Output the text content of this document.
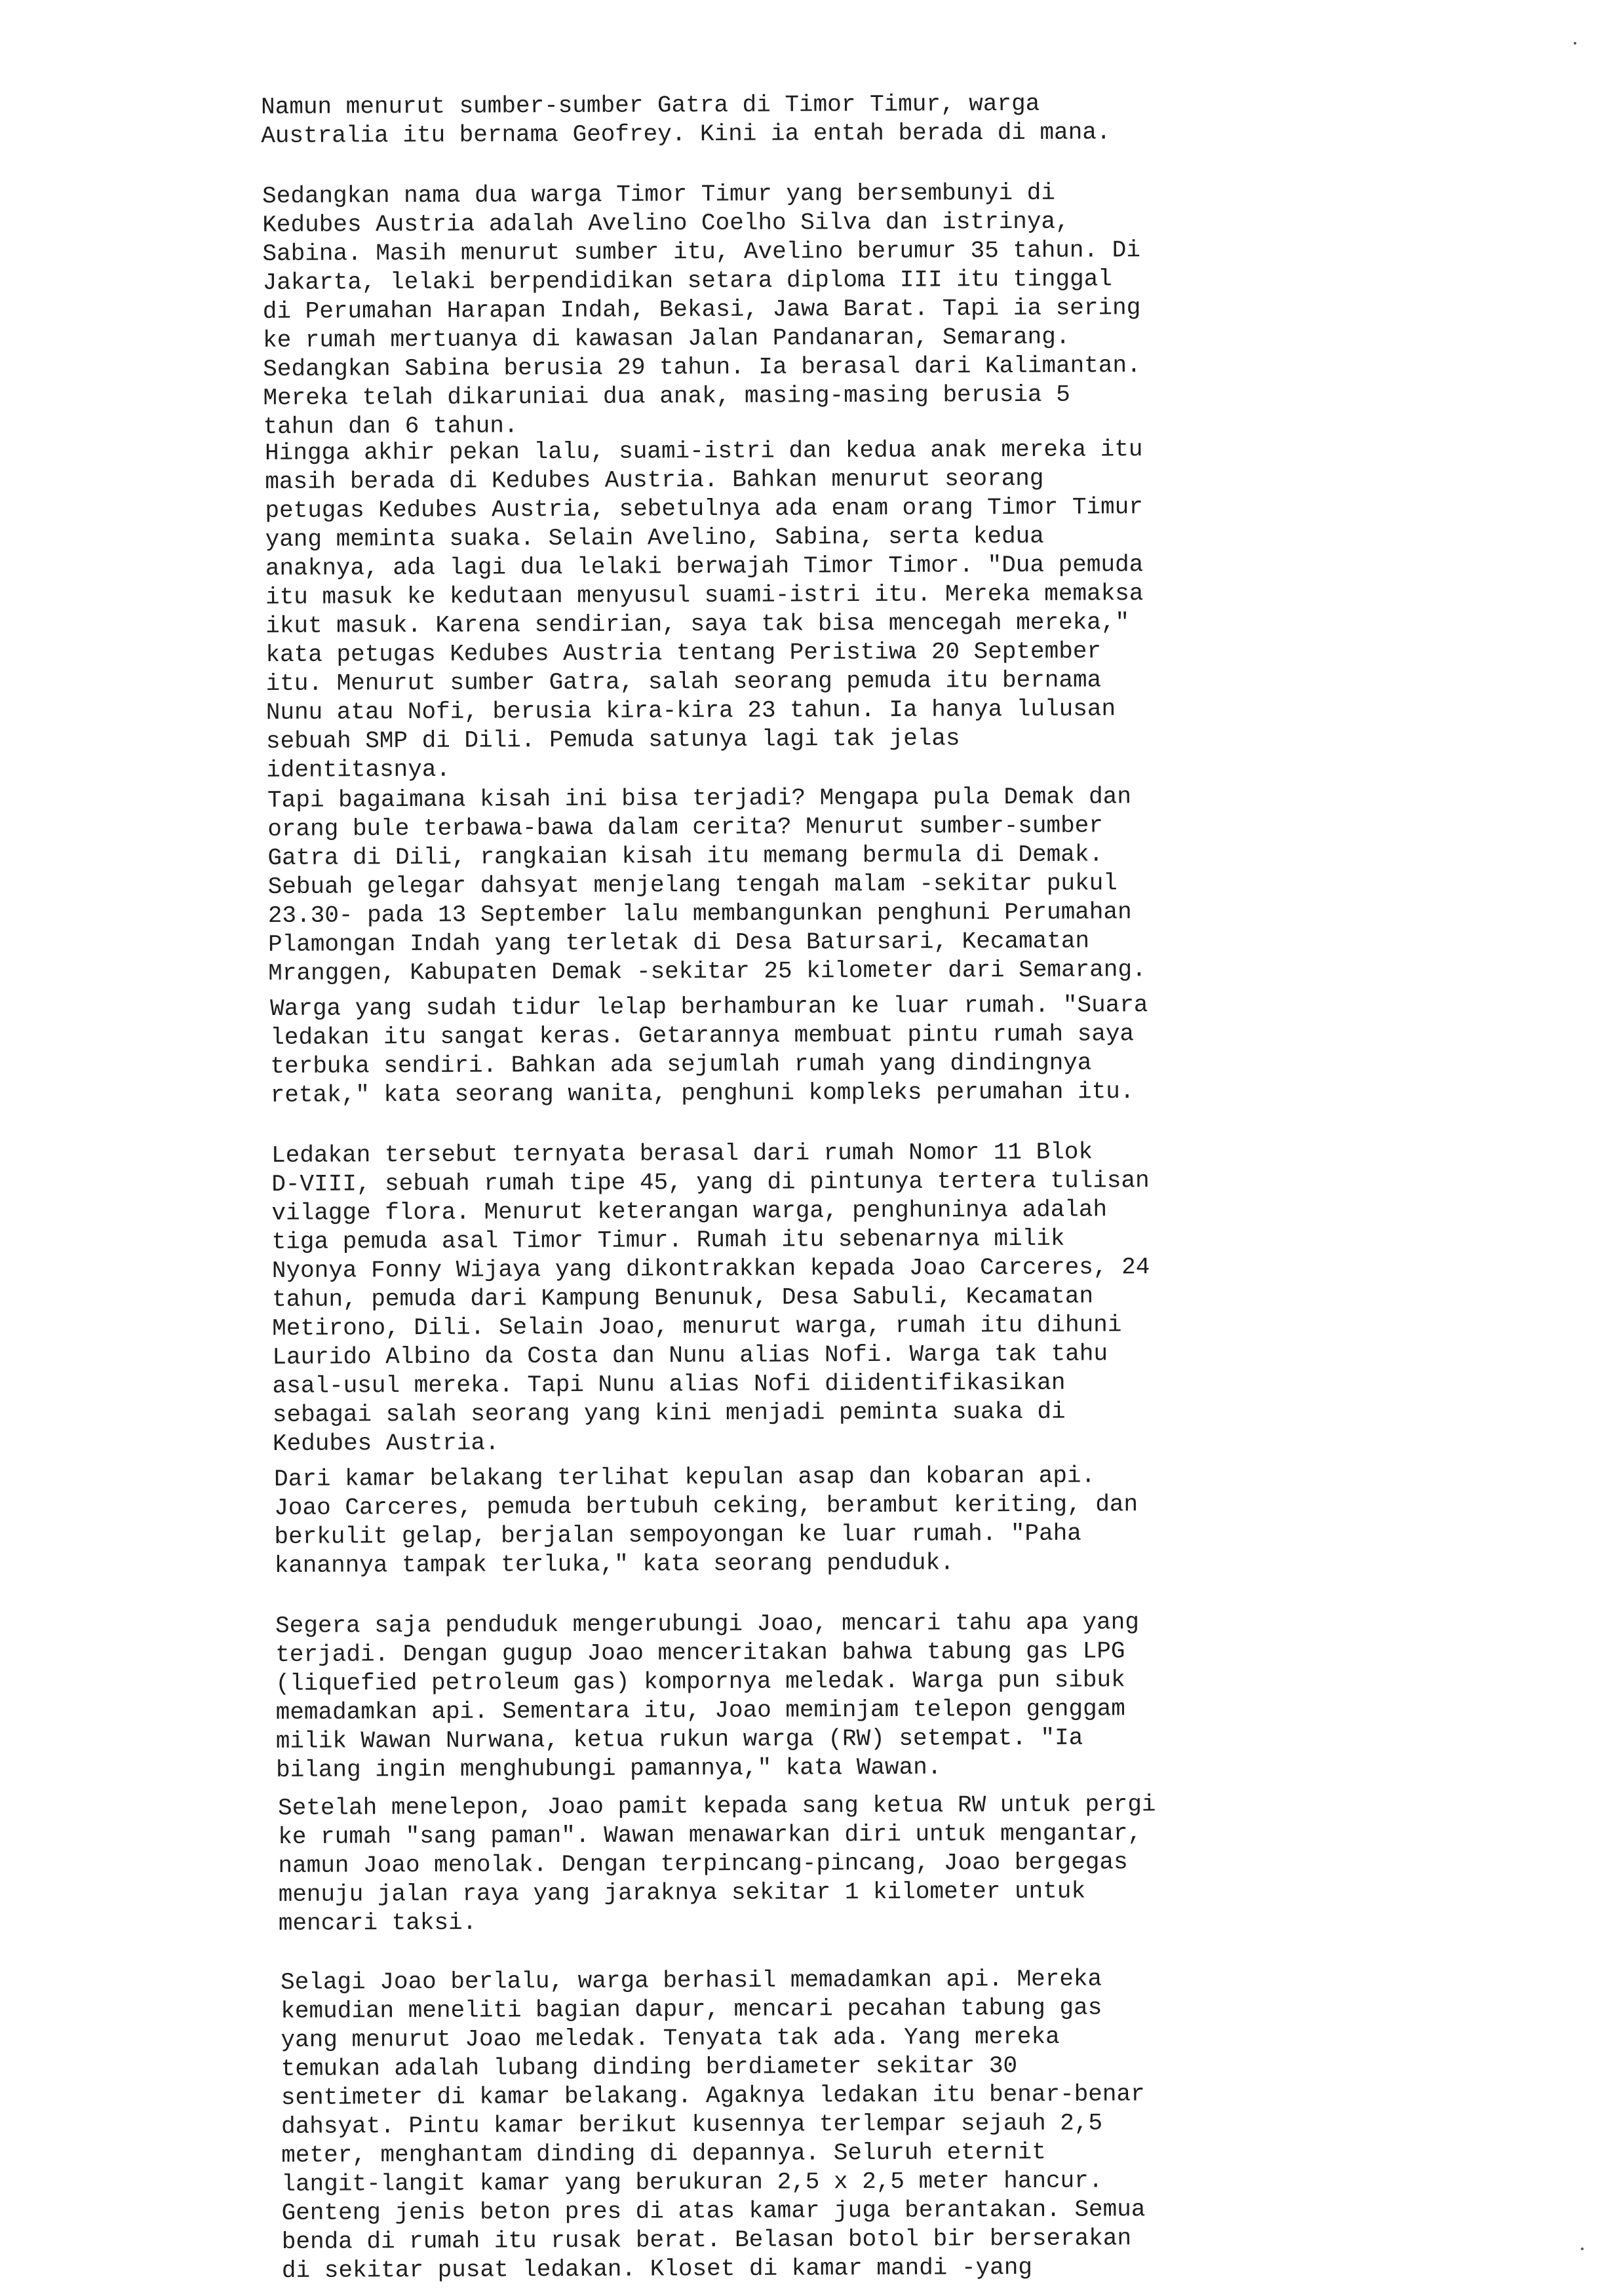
Namun menurut sumber-sumber Gatra di Timor Timur, warga
Australia itu bernama Geofrey. Kini ia entah berada di mana.
Sedangkan nama dua warga Timor Timur yang bersembunyi di
Kedubes Austria adalah Avelino Coelho Silva dan istrinya,
Sabina. Masih menurut sumber itu, Avelino berumur 35 tahun. Di
Jakarta, lelaki berpendidikan setara diploma III itu tinggal
di Perumahan Harapan Indah, Bekasi, Jawa Barat. Tapi ia sering
ke rumah mertuanya di kawasan Jalan Pandanaran, Semarang.
Sedangkan Sabina berusia 29 tahun. Ia berasal dari Kalimantan.
Mereka telah dikaruniai dua anak, masing-masing berusia 5
tahun dan 6 tahun.
Hingga akhir pekan lalu, suami-istri dan kedua anak mereka itu
masih berada di Kedubes Austria. Bahkan menurut seorang
petugas Kedubes Austria, sebetulnya ada enam orang Timor Timur
yang meminta suaka. Selain Avelino, Sabina, serta kedua
anaknya, ada lagi dua lelaki berwajah Timor Timor. "Dua pemuda
itu masuk ke kedutaan menyusul suami-istri itu. Mereka memaksa
ikut masuk. Karena sendirian, saya tak bisa mencegah mereka,"
kata petugas Kedubes Austria tentang Peristiwa 20 September
itu. Menurut sumber Gatra, salah seorang pemuda itu bernama
Nunu atau Nofi, berusia kira-kira 23 tahun. Ia hanya lulusan
sebuah SMP di Dili. Pemuda satunya lagi tak jelas
identitasnya.
Tapi bagaimana kisah ini bisa terjadi? Mengapa pula Demak dan
orang bule terbawa-bawa dalam cerita? Menurut sumber-sumber
Gatra di Dili, rangkaian kisah itu memang bermula di Demak.
Sebuah gelegar dahsyat menjelang tengah malam -sekitar pukul
23.30- pada 13 September lalu membangunkan penghuni Perumahan
Plamongan Indah yang terletak di Desa Batursari, Kecamatan
Mranggen, Kabupaten Demak -sekitar 25 kilometer dari Semarang.
Warga yang sudah tidur lelap berhamburan ke luar rumah. "Suara
ledakan itu sangat keras. Getarannya membuat pintu rumah saya
terbuka sendiri. Bahkan ada sejumlah rumah yang dindingnya
retak," kata seorang wanita, penghuni kompleks perumahan itu.
Ledakan tersebut ternyata berasal dari rumah Nomor 11 Blok
D-VIII, sebuah rumah tipe 45, yang di pintunya tertera tulisan
vilagge flora. Menurut keterangan warga, penghuninya adalah
tiga pemuda asal Timor Timur. Rumah itu sebenarnya milik
Nyonya Fonny Wijaya yang dikontrakkan kepada Joao Carceres, 24
tahun, pemuda dari Kampung Benunuk, Desa Sabuli, Kecamatan
Metirono, Dili. Selain Joao, menurut warga, rumah itu dihuni
Laurido Albino da Costa dan Nunu alias Nofi. Warga tak tahu
asal-usul mereka. Tapi Nunu alias Nofi diidentifikasikan
sebagai salah seorang yang kini menjadi peminta suaka di
Kedubes Austria.
Dari kamar belakang terlihat kepulan asap dan kobaran api.
Joao Carceres, pemuda bertubuh ceking, berambut keriting, dan
berkulit gelap, berjalan sempoyongan ke luar rumah. "Paha
kanannya tampak terluka," kata seorang penduduk.
Segera saja penduduk mengerubungi Joao, mencari tahu apa yang
terjadi. Dengan gugup Joao menceritakan bahwa tabung gas LPG
(liquefied petroleum gas) kompornya meledak. Warga pun sibuk
memadamkan api. Sementara itu, Joao meminjam telepon genggam
milik Wawan Nurwana, ketua rukun warga (RW) setempat. "Ia
bilang ingin menghubungi pamannya," kata Wawan.
Setelah menelepon, Joao pamit kepada sang ketua RW untuk pergi
ke rumah "sang paman". Wawan menawarkan diri untuk mengantar,
namun Joao menolak. Dengan terpincang-pincang, Joao bergegas
menuju jalan raya yang jaraknya sekitar 1 kilometer untuk
mencari taksi.
Selagi Joao berlalu, warga berhasil memadamkan api. Mereka
kemudian meneliti bagian dapur, mencari pecahan tabung gas
yang menurut Joao meledak. Tenyata tak ada. Yang mereka
temukan adalah lubang dinding berdiameter sekitar 30
sentimeter di kamar belakang. Agaknya ledakan itu benar-benar
dahsyat. Pintu kamar berikut kusennya terlempar sejauh 2,5
meter, menghantam dinding di depannya. Seluruh eternit
langit-langit kamar yang berukuran 2,5 x 2,5 meter hancur.
Genteng jenis beton pres di atas kamar juga berantakan. Semua
benda di rumah itu rusak berat. Belasan botol bir berserakan
di sekitar pusat ledakan. Kloset di kamar mandi -yang
